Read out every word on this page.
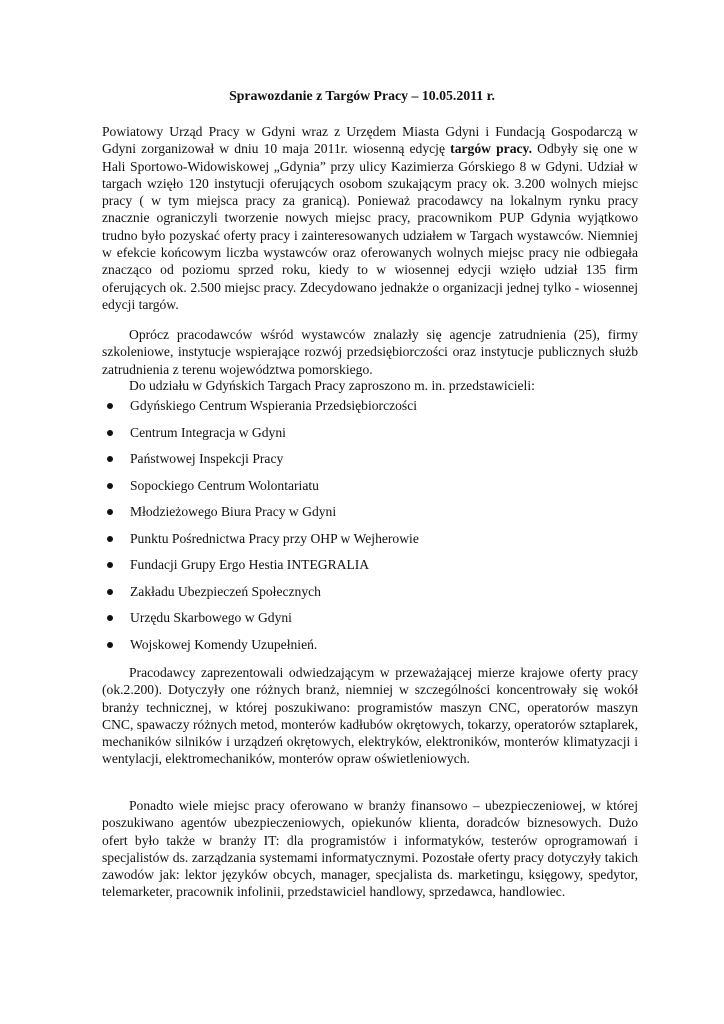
Sprawozdanie z Targów Pracy – 10.05.2011 r.

Powiatowy Urząd Pracy w Gdyni wraz z Urzędem Miasta Gdyni i Fundacją Gospodarczą w Gdyni zorganizował w dniu 10 maja 2011r. wiosenną edycję targów pracy. Odbyły się one w Hali Sportowo-Widowiskowej „Gdynia” przy ulicy Kazimierza Górskiego 8 w Gdyni. Udział w targach wzięło 120 instytucji oferujących osobom szukającym pracy ok. 3.200 wolnych miejsc pracy ( w tym miejsca pracy za granicą). Ponieważ pracodawcy na lokalnym rynku pracy znacznie ograniczyli tworzenie nowych miejsc pracy, pracownikom PUP Gdynia wyjątkowo trudno było pozyskać oferty pracy i zainteresowanych udziałem w Targach wystawców. Niemniej w efekcie końcowym liczba wystawców oraz oferowanych wolnych miejsc pracy nie odbiegała znacząco od poziomu sprzed roku, kiedy to w wiosennej edycji wzięło udział 135 firm oferujących ok. 2.500 miejsc pracy. Zdecydowano jednakże o organizacji jednej tylko - wiosennej edycji targów.

Oprócz pracodawców wśród wystawców znalazły się agencje zatrudnienia (25), firmy szkoleniowe, instytucje wspierające rozwój przedsiębiorczości oraz instytucje publicznych służb zatrudnienia z terenu województwa pomorskiego.

Do udziału w Gdyńskich Targach Pracy zaproszono m. in. przedstawicieli:

Gdyńskiego Centrum Wspierania Przedsiębiorczości
Centrum Integracja w Gdyni
Państwowej Inspekcji Pracy
Sopockiego Centrum Wolontariatu
Młodzieżowego Biura Pracy w Gdyni
Punktu Pośrednictwa Pracy przy OHP w Wejherowie
Fundacji Grupy Ergo Hestia INTEGRALIA
Zakładu Ubezpieczeń Społecznych
Urzędu Skarbowego w Gdyni
Wojskowej Komendy Uzupełnień.

Pracodawcy zaprezentowali odwiedzającym w przeważającej mierze krajowe oferty pracy (ok.2.200). Dotyczyły one różnych branż, niemniej w szczególności koncentrowały się wokół branży technicznej, w której poszukiwano: programistów maszyn CNC, operatorów maszyn CNC, spawaczy różnych metod, monterów kadłubów okrętowych, tokarzy, operatorów sztaplarek, mechaników silników i urządzeń okrętowych, elektryków, elektroników, monterów klimatyzacji i wentylacji, elektromechaników, monterów opraw oświetleniowych.

Ponadto wiele miejsc pracy oferowano w branży finansowo – ubezpieczeniowej, w której poszukiwano agentów ubezpieczeniowych, opiekunów klienta, doradców biznesowych. Dużo ofert było także w branży IT: dla programistów i informatyków, testerów oprogramowań i specjalistów ds. zarządzania systemami informatycznymi. Pozostałe oferty pracy dotyczyły takich zawodów jak: lektor języków obcych, manager, specjalista ds. marketingu, księgowy, spedytor, telemarketer, pracownik infolinii, przedstawiciel handlowy, sprzedawca, handlowiec.
